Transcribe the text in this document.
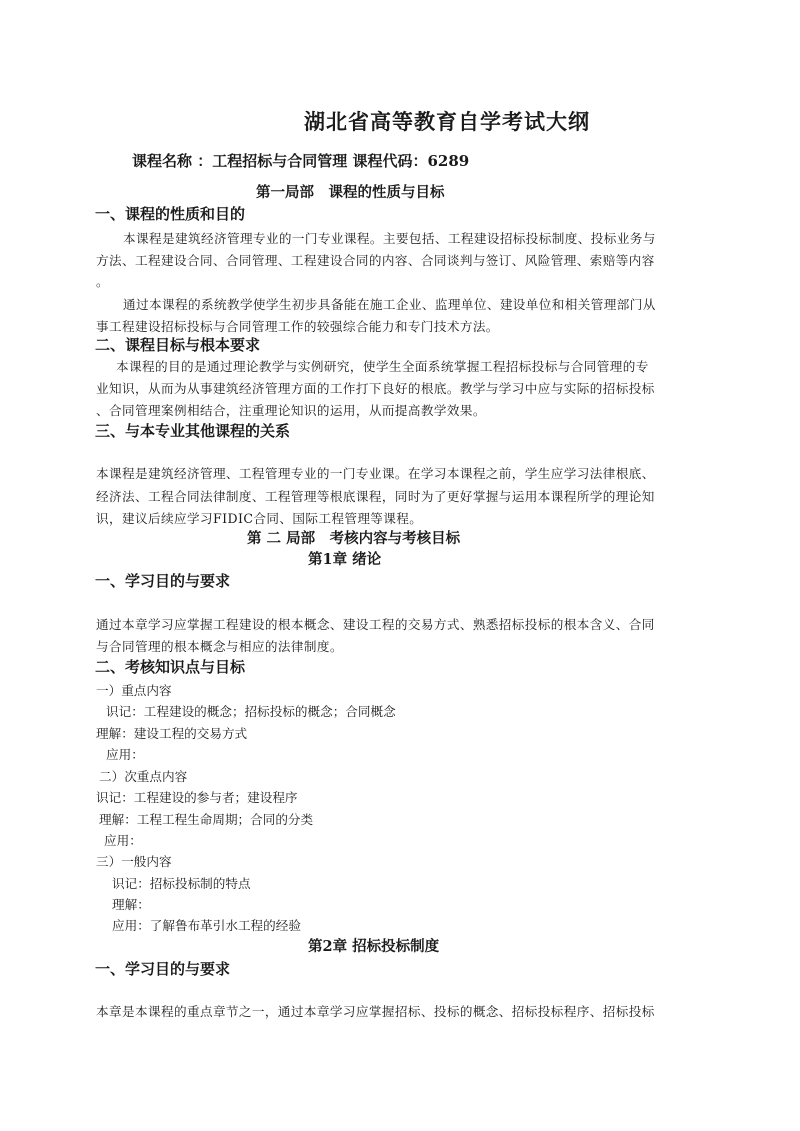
湖北省高等教育自学考试大纲
课程名称 ：工程招标与合同管理 课程代码：6289
第一局部　课程的性质与目标
一、课程的性质和目的
本课程是建筑经济管理专业的一门专业课程。主要包括、工程建设招标投标制度、投标业务与
方法、工程建设合同、合同管理、工程建设合同的内容、合同谈判与签订、风险管理、索赔等内容
。
通过本课程的系统教学使学生初步具备能在施工企业、监理单位、建设单位和相关管理部门从
事工程建设招标投标与合同管理工作的较强综合能力和专门技术方法。
二、课程目标与根本要求
本课程的目的是通过理论教学与实例研究，使学生全面系统掌握工程招标投标与合同管理的专
业知识，从而为从事建筑经济管理方面的工作打下良好的根底。教学与学习中应与实际的招标投标
、合同管理案例相结合，注重理论知识的运用，从而提高教学效果。
三、与本专业其他课程的关系
本课程是建筑经济管理、工程管理专业的一门专业课。在学习本课程之前，学生应学习法律根底、
经济法、工程合同法律制度、工程管理等根底课程，同时为了更好掌握与运用本课程所学的理论知
识，建议后续应学习FIDIC合同、国际工程管理等课程。
第 二 局部　考核内容与考核目标
第1章 绪论
一、学习目的与要求
通过本章学习应掌握工程建设的根本概念、建设工程的交易方式、熟悉招标投标的根本含义、合同
与合同管理的根本概念与相应的法律制度。
二、考核知识点与目标
一）重点内容
识记：工程建设的概念；招标投标的概念；合同概念
理解：建设工程的交易方式
应用：
二）次重点内容
识记：工程建设的参与者；建设程序
理解：工程工程生命周期；合同的分类
应用：
三）一般内容
识记：招标投标制的特点
理解：
应用：了解鲁布革引水工程的经验
第2章 招标投标制度
一、学习目的与要求
本章是本课程的重点章节之一，通过本章学习应掌握招标、投标的概念、招标投标程序、招标投标
